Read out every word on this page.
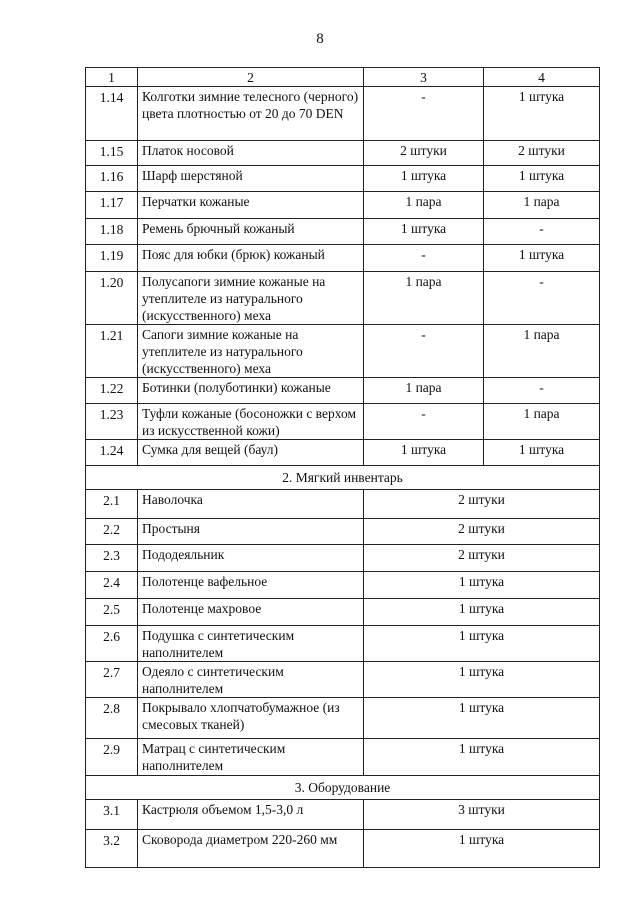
8
1	2	3	4
1.14	Колготки зимние телесного (черного) цвета плотностью от 20 до 70 DEN	-	1 штука
1.15	Платок носовой	2 штуки	2 штуки
1.16	Шарф шерстяной	1 штука	1 штука
1.17	Перчатки кожаные	1 пара	1 пара
1.18	Ремень брючный кожаный	1 штука	-
1.19	Пояс для юбки (брюк) кожаный	-	1 штука
1.20	Полусапоги зимние кожаные на утеплителе из натурального (искусственного) меха	1 пара	-
1.21	Сапоги зимние кожаные на утеплителе из натурального (искусственного) меха	-	1 пара
1.22	Ботинки (полуботинки) кожаные	1 пара	-
1.23	Туфли кожаные (босоножки с верхом из искусственной кожи)	-	1 пара
1.24	Сумка для вещей (баул)	1 штука	1 штука
2. Мягкий инвентарь			
2.1	Наволочка	2 штуки	
2.2	Простыня	2 штуки	
2.3	Пододеяльник	2 штуки	
2.4	Полотенце вафельное	1 штука	
2.5	Полотенце махровое	1 штука	
2.6	Подушка с синтетическим наполнителем	1 штука	
2.7	Одеяло с синтетическим наполнителем	1 штука	
2.8	Покрывало хлопчатобумажное (из смесовых тканей)	1 штука	
2.9	Матрац с синтетическим наполнителем	1 штука	
3. Оборудование			
3.1	Кастрюля объемом 1,5-3,0 л	3 штуки	
3.2	Сковорода диаметром 220-260 мм	1 штука	
